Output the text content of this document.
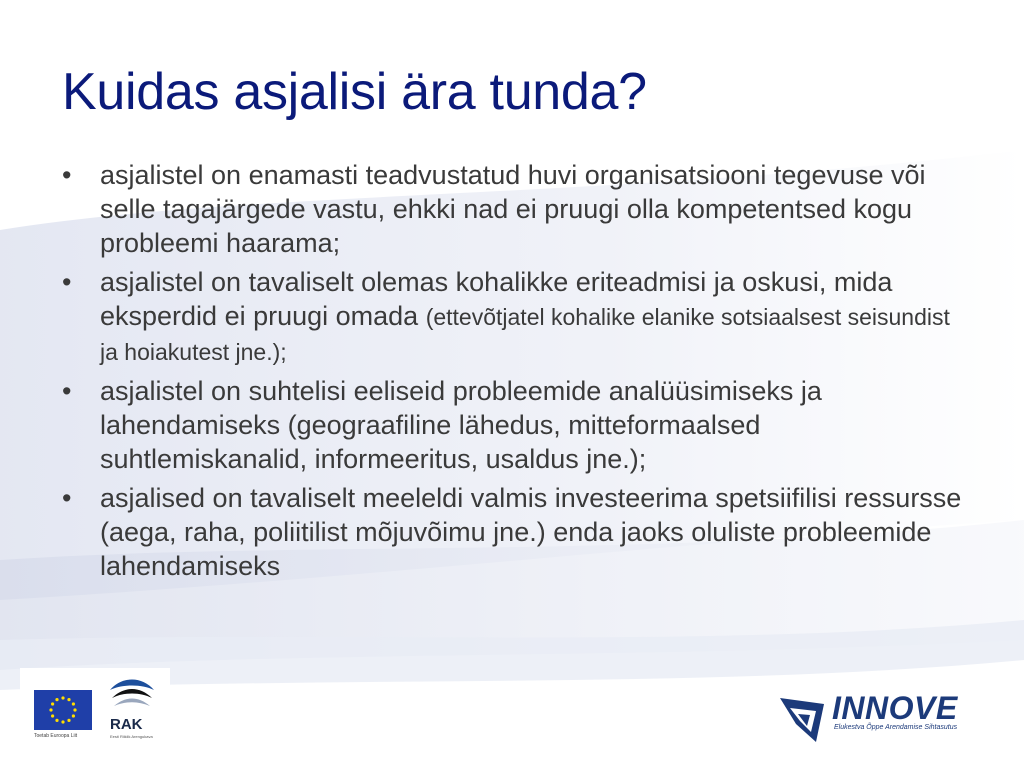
Kuidas asjalisi ära tunda?
•	asjalistel on enamasti teadvustatud huvi organisatsiooni tegevuse või selle tagajärgede vastu, ehkki nad ei pruugi olla kompetentsed kogu probleemi haarama;
•	asjalistel on tavaliselt olemas kohalikke eriteadmisi ja oskusi, mida eksperdid ei pruugi omada (ettevõtjatel kohalike elanike sotsiaalsest seisundist ja hoiakutest jne.);
•	asjalistel on suhtelisi eeliseid probleemide analüüsimiseks ja lahendamiseks (geograafiline lähedus, mitteformaalsed suhtlemiskanalid, informeeritus, usaldus jne.);
•	asjalised on tavaliselt meeleldi valmis investeerima spetsiifilisi ressursse (aega, raha, poliitilist mõjuvõimu jne.) enda jaoks oluliste probleemide lahendamiseks
Toetab Euroopa Liit
RAK
Eesti Riiklik Arengukava
INNOVE
Elukestva Õppe Arendamise Sihtasutus
